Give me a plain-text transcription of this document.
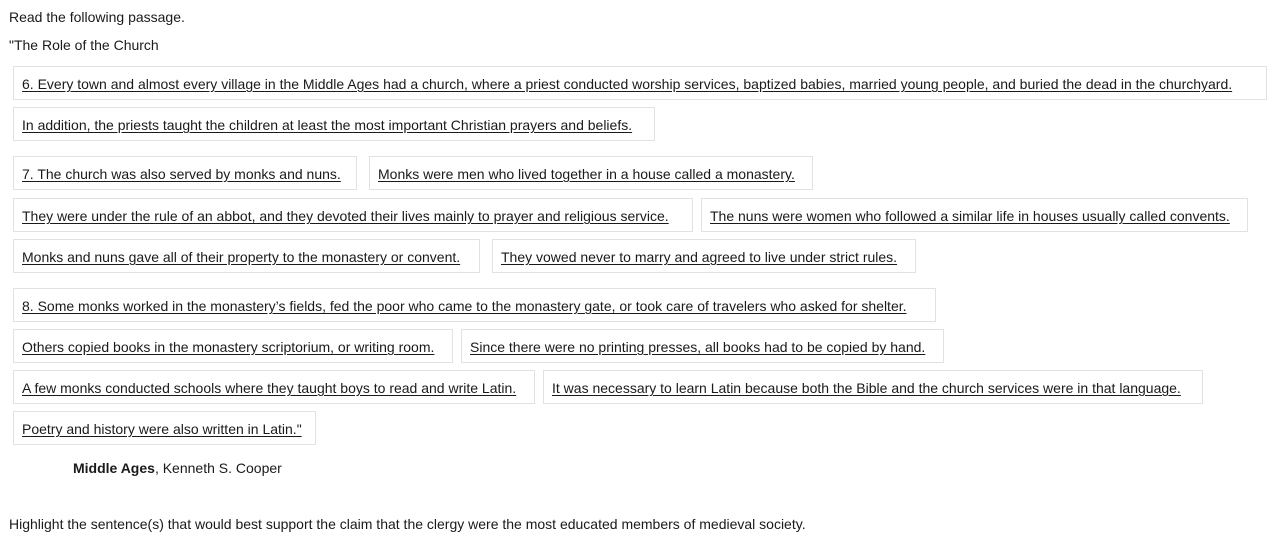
Read the following passage.
"The Role of the Church
6. Every town and almost every village in the Middle Ages had a church, where a priest conducted worship services, baptized babies, married young people, and buried the dead in the churchyard.
In addition, the priests taught the children at least the most important Christian prayers and beliefs.
7. The church was also served by monks and nuns.	Monks were men who lived together in a house called a monastery.
They were under the rule of an abbot, and they devoted their lives mainly to prayer and religious service.	The nuns were women who followed a similar life in houses usually called convents.
Monks and nuns gave all of their property to the monastery or convent.	They vowed never to marry and agreed to live under strict rules.
8. Some monks worked in the monastery’s fields, fed the poor who came to the monastery gate, or took care of travelers who asked for shelter.
Others copied books in the monastery scriptorium, or writing room.	Since there were no printing presses, all books had to be copied by hand.
A few monks conducted schools where they taught boys to read and write Latin.	It was necessary to learn Latin because both the Bible and the church services were in that language.
Poetry and history were also written in Latin."
Middle Ages, Kenneth S. Cooper
Highlight the sentence(s) that would best support the claim that the clergy were the most educated members of medieval society.
